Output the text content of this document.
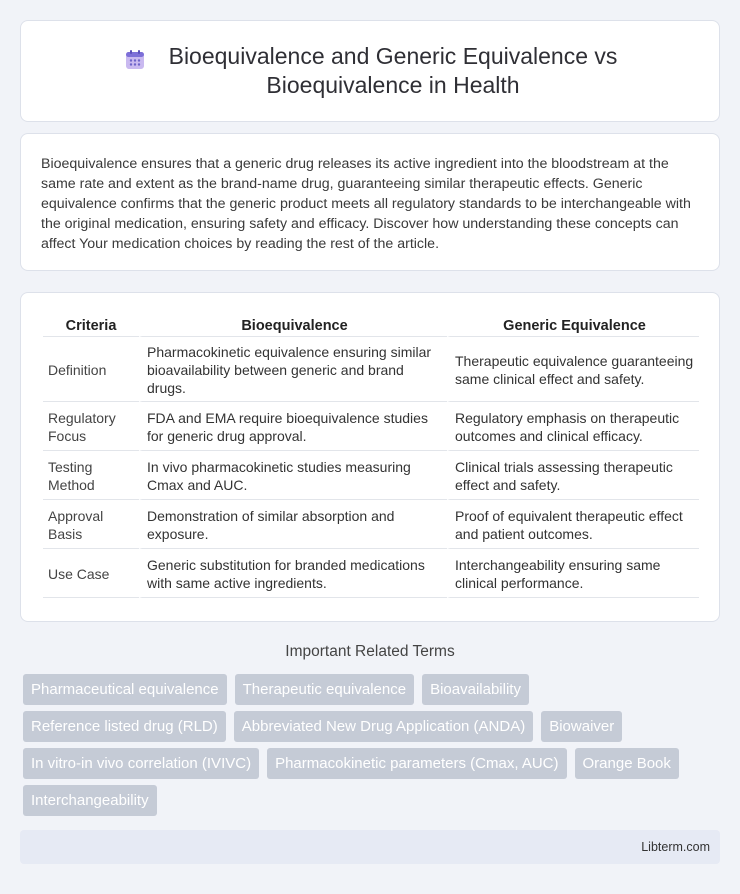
Bioequivalence and Generic Equivalence vs
Bioequivalence in Health

Bioequivalence ensures that a generic drug releases its active ingredient into the bloodstream at the same rate and extent as the brand-name drug, guaranteeing similar therapeutic effects. Generic equivalence confirms that the generic product meets all regulatory standards to be interchangeable with the original medication, ensuring safety and efficacy. Discover how understanding these concepts can affect Your medication choices by reading the rest of the article.

Criteria	Bioequivalence	Generic Equivalence
Definition	Pharmacokinetic equivalence ensuring similar bioavailability between generic and brand drugs.	Therapeutic equivalence guaranteeing same clinical effect and safety.
Regulatory Focus	FDA and EMA require bioequivalence studies for generic drug approval.	Regulatory emphasis on therapeutic outcomes and clinical efficacy.
Testing Method	In vivo pharmacokinetic studies measuring Cmax and AUC.	Clinical trials assessing therapeutic effect and safety.
Approval Basis	Demonstration of similar absorption and exposure.	Proof of equivalent therapeutic effect and patient outcomes.
Use Case	Generic substitution for branded medications with same active ingredients.	Interchangeability ensuring same clinical performance.
Important Related Terms
Pharmaceutical equivalence	Therapeutic equivalence	Bioavailability
Reference listed drug (RLD)	Abbreviated New Drug Application (ANDA)	Biowaiver
In vitro-in vivo correlation (IVIVC)	Pharmacokinetic parameters (Cmax, AUC)	Orange Book
Interchangeability
Libterm.com
